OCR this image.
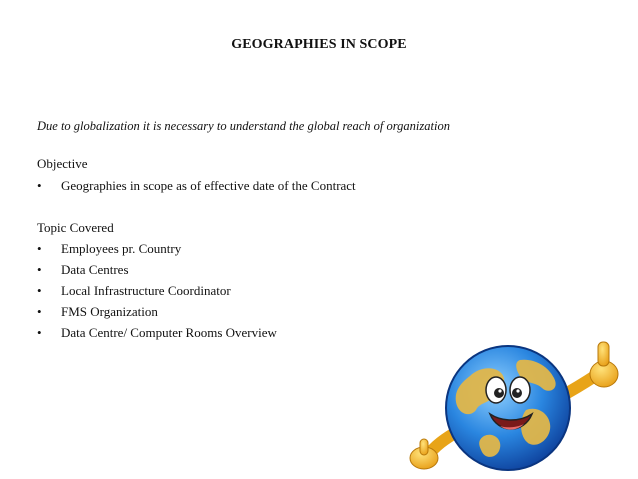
GEOGRAPHIES IN SCOPE
Due to globalization it is necessary to understand the global reach of organization
Objective
• Geographies in scope as of effective date of the Contract
Topic Covered
• Employees pr. Country
• Data Centres
• Local Infrastructure Coordinator
• FMS Organization
• Data Centre/ Computer Rooms Overview
